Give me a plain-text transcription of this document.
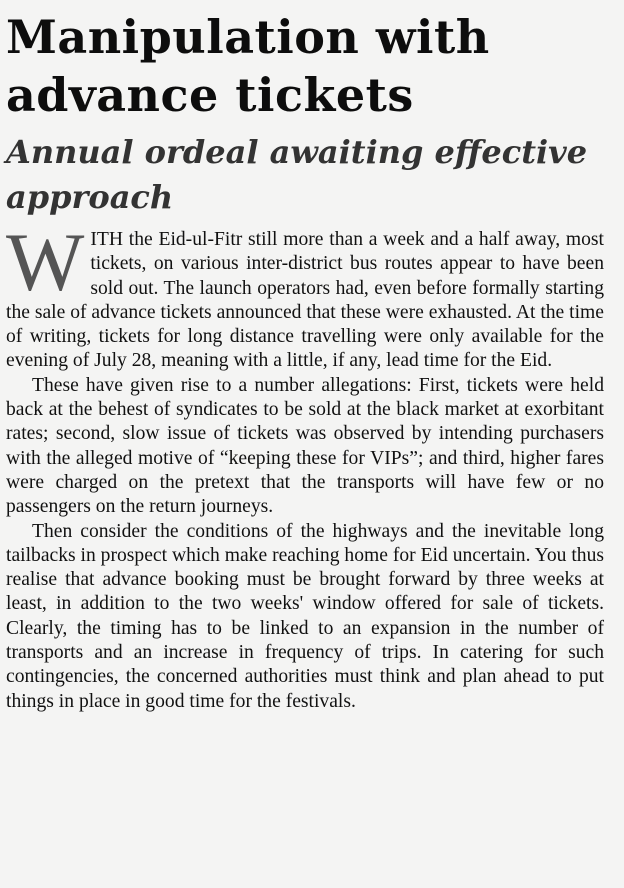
Manipulation with advance tickets
Annual ordeal awaiting effective approach

WITH the Eid-ul-Fitr still more than a week and a half away, most tickets, on various inter-district bus routes appear to have been sold out. The launch operators had, even before formally starting the sale of advance tickets announced that these were exhausted. At the time of writing, tickets for long distance travelling were only available for the evening of July 28, meaning with a little, if any, lead time for the Eid.

These have given rise to a number allegations: First, tickets were held back at the behest of syndicates to be sold at the black market at exorbitant rates; second, slow issue of tickets was observed by intending purchasers with the alleged motive of “keeping these for VIPs”; and third, higher fares were charged on the pretext that the transports will have few or no passengers on the return journeys.

Then consider the conditions of the highways and the inevitable long tailbacks in prospect which make reaching home for Eid uncertain. You thus realise that advance booking must be brought forward by three weeks at least, in addition to the two weeks' window offered for sale of tickets. Clearly, the timing has to be linked to an expansion in the number of transports and an increase in frequency of trips. In catering for such contingencies, the concerned authorities must think and plan ahead to put things in place in good time for the festivals.
